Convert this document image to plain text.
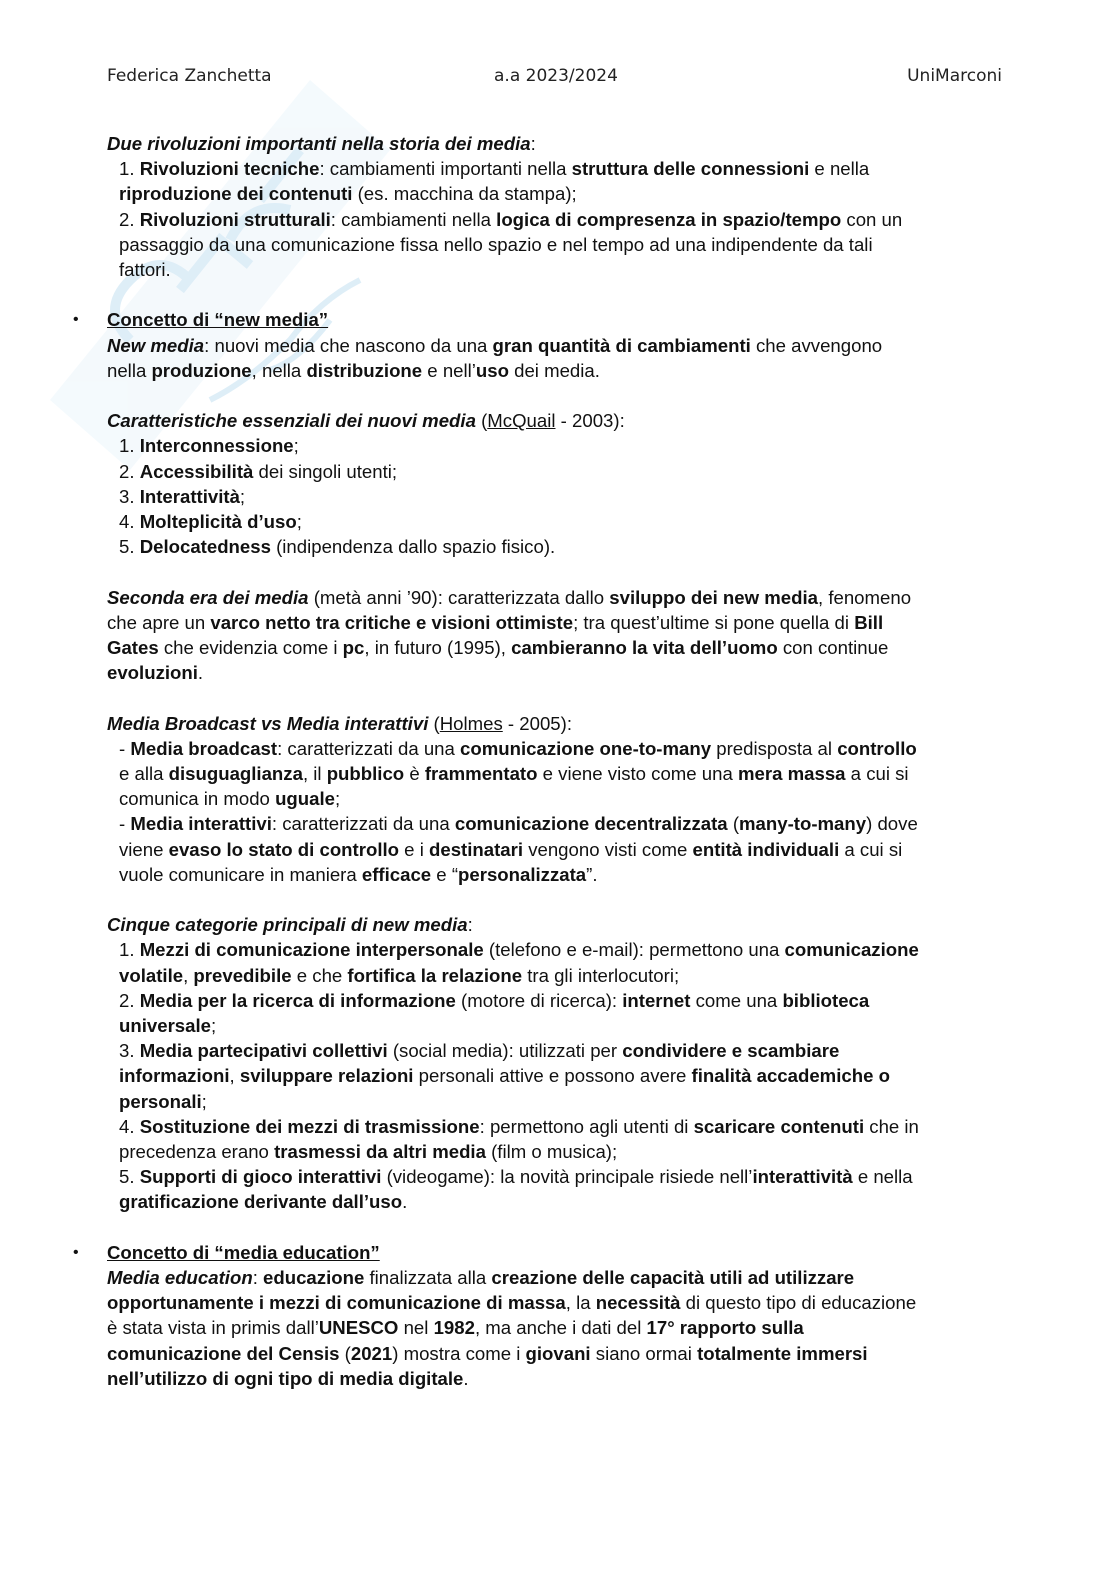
Federica Zanchetta	a.a 2023/2024	UniMarconi

Due rivoluzioni importanti nella storia dei media:

1. Rivoluzioni tecniche: cambiamenti importanti nella struttura delle connessioni e nella

riproduzione dei contenuti (es. macchina da stampa);

2. Rivoluzioni strutturali: cambiamenti nella logica di compresenza in spazio/tempo con un

passaggio da una comunicazione fissa nello spazio e nel tempo ad una indipendente da tali

fattori.

• Concetto di “new media”

New media: nuovi media che nascono da una gran quantità di cambiamenti che avvengono

nella produzione, nella distribuzione e nell’uso dei media.

Caratteristiche essenziali dei nuovi media (McQuail - 2003):

1. Interconnessione;

2. Accessibilità dei singoli utenti;

3. Interattività;

4. Molteplicità d’uso;

5. Delocatedness (indipendenza dallo spazio fisico).

Seconda era dei media (metà anni ’90): caratterizzata dallo sviluppo dei new media, fenomeno

che apre un varco netto tra critiche e visioni ottimiste; tra quest’ultime si pone quella di Bill

Gates che evidenzia come i pc, in futuro (1995), cambieranno la vita dell’uomo con continue

evoluzioni.

Media Broadcast vs Media interattivi (Holmes - 2005):

- Media broadcast: caratterizzati da una comunicazione one-to-many predisposta al controllo

e alla disuguaglianza, il pubblico è frammentato e viene visto come una mera massa a cui si

comunica in modo uguale;

- Media interattivi: caratterizzati da una comunicazione decentralizzata (many-to-many) dove

viene evaso lo stato di controllo e i destinatari vengono visti come entità individuali a cui si

vuole comunicare in maniera efficace e “personalizzata”.

Cinque categorie principali di new media:

1. Mezzi di comunicazione interpersonale (telefono e e-mail): permettono una comunicazione

volatile, prevedibile e che fortifica la relazione tra gli interlocutori;

2. Media per la ricerca di informazione (motore di ricerca): internet come una biblioteca

universale;

3. Media partecipativi collettivi (social media): utilizzati per condividere e scambiare

informazioni, sviluppare relazioni personali attive e possono avere finalità accademiche o

personali;

4. Sostituzione dei mezzi di trasmissione: permettono agli utenti di scaricare contenuti che in

precedenza erano trasmessi da altri media (film o musica);

5. Supporti di gioco interattivi (videogame): la novità principale risiede nell’interattività e nella

gratificazione derivante dall’uso.

• Concetto di “media education”

Media education: educazione finalizzata alla creazione delle capacità utili ad utilizzare

opportunamente i mezzi di comunicazione di massa, la necessità di questo tipo di educazione

è stata vista in primis dall’UNESCO nel 1982, ma anche i dati del 17° rapporto sulla

comunicazione del Censis (2021) mostra come i giovani siano ormai totalmente immersi

nell’utilizzo di ogni tipo di media digitale.
